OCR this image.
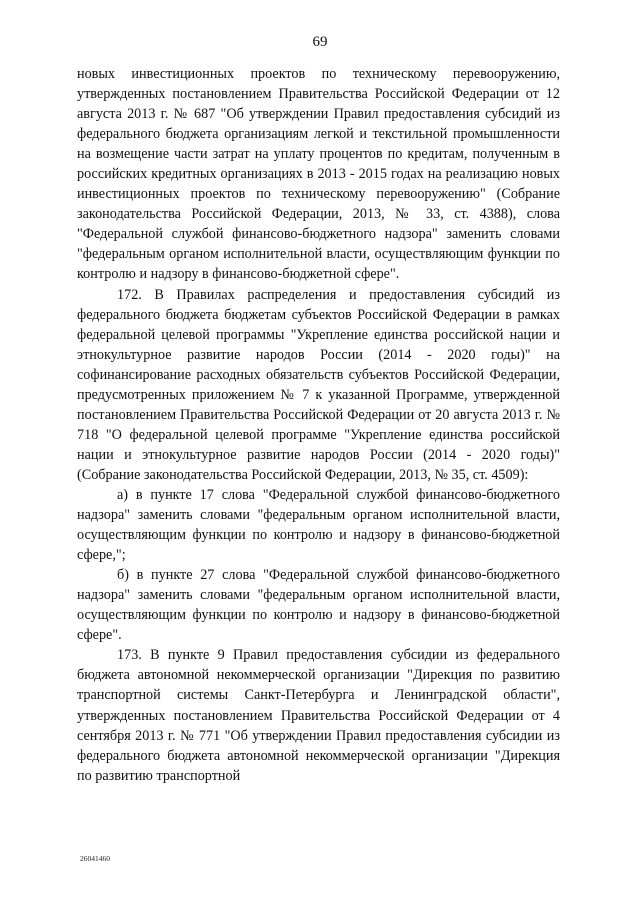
69

новых инвестиционных проектов по техническому перевооружению, утвержденных постановлением Правительства Российской Федерации от 12 августа 2013 г. № 687 "Об утверждении Правил предоставления субсидий из федерального бюджета организациям легкой и текстильной промышленности на возмещение части затрат на уплату процентов по кредитам, полученным в российских кредитных организациях в 2013 - 2015 годах на реализацию новых инвестиционных проектов по техническому перевооружению" (Собрание законодательства Российской Федерации, 2013, № 33, ст. 4388), слова "Федеральной службой финансово-бюджетного надзора" заменить словами "федеральным органом исполнительной власти, осуществляющим функции по контролю и надзору в финансово-бюджетной сфере".

172. В Правилах распределения и предоставления субсидий из федерального бюджета бюджетам субъектов Российской Федерации в рамках федеральной целевой программы "Укрепление единства российской нации и этнокультурное развитие народов России (2014 - 2020 годы)" на софинансирование расходных обязательств субъектов Российской Федерации, предусмотренных приложением № 7 к указанной Программе, утвержденной постановлением Правительства Российской Федерации от 20 августа 2013 г. № 718 "О федеральной целевой программе "Укрепление единства российской нации и этнокультурное развитие народов России (2014 - 2020 годы)" (Собрание законодательства Российской Федерации, 2013, № 35, ст. 4509):

а) в пункте 17 слова "Федеральной службой финансово-бюджетного надзора" заменить словами "федеральным органом исполнительной власти, осуществляющим функции по контролю и надзору в финансово-бюджетной сфере,";

б) в пункте 27 слова "Федеральной службой финансово-бюджетного надзора" заменить словами "федеральным органом исполнительной власти, осуществляющим функции по контролю и надзору в финансово-бюджетной сфере".

173. В пункте 9 Правил предоставления субсидии из федерального бюджета автономной некоммерческой организации "Дирекция по развитию транспортной системы Санкт-Петербурга и Ленинградской области", утвержденных постановлением Правительства Российской Федерации от 4 сентября 2013 г. № 771 "Об утверждении Правил предоставления субсидии из федерального бюджета автономной некоммерческой организации "Дирекция по развитию транспортной

26041460
